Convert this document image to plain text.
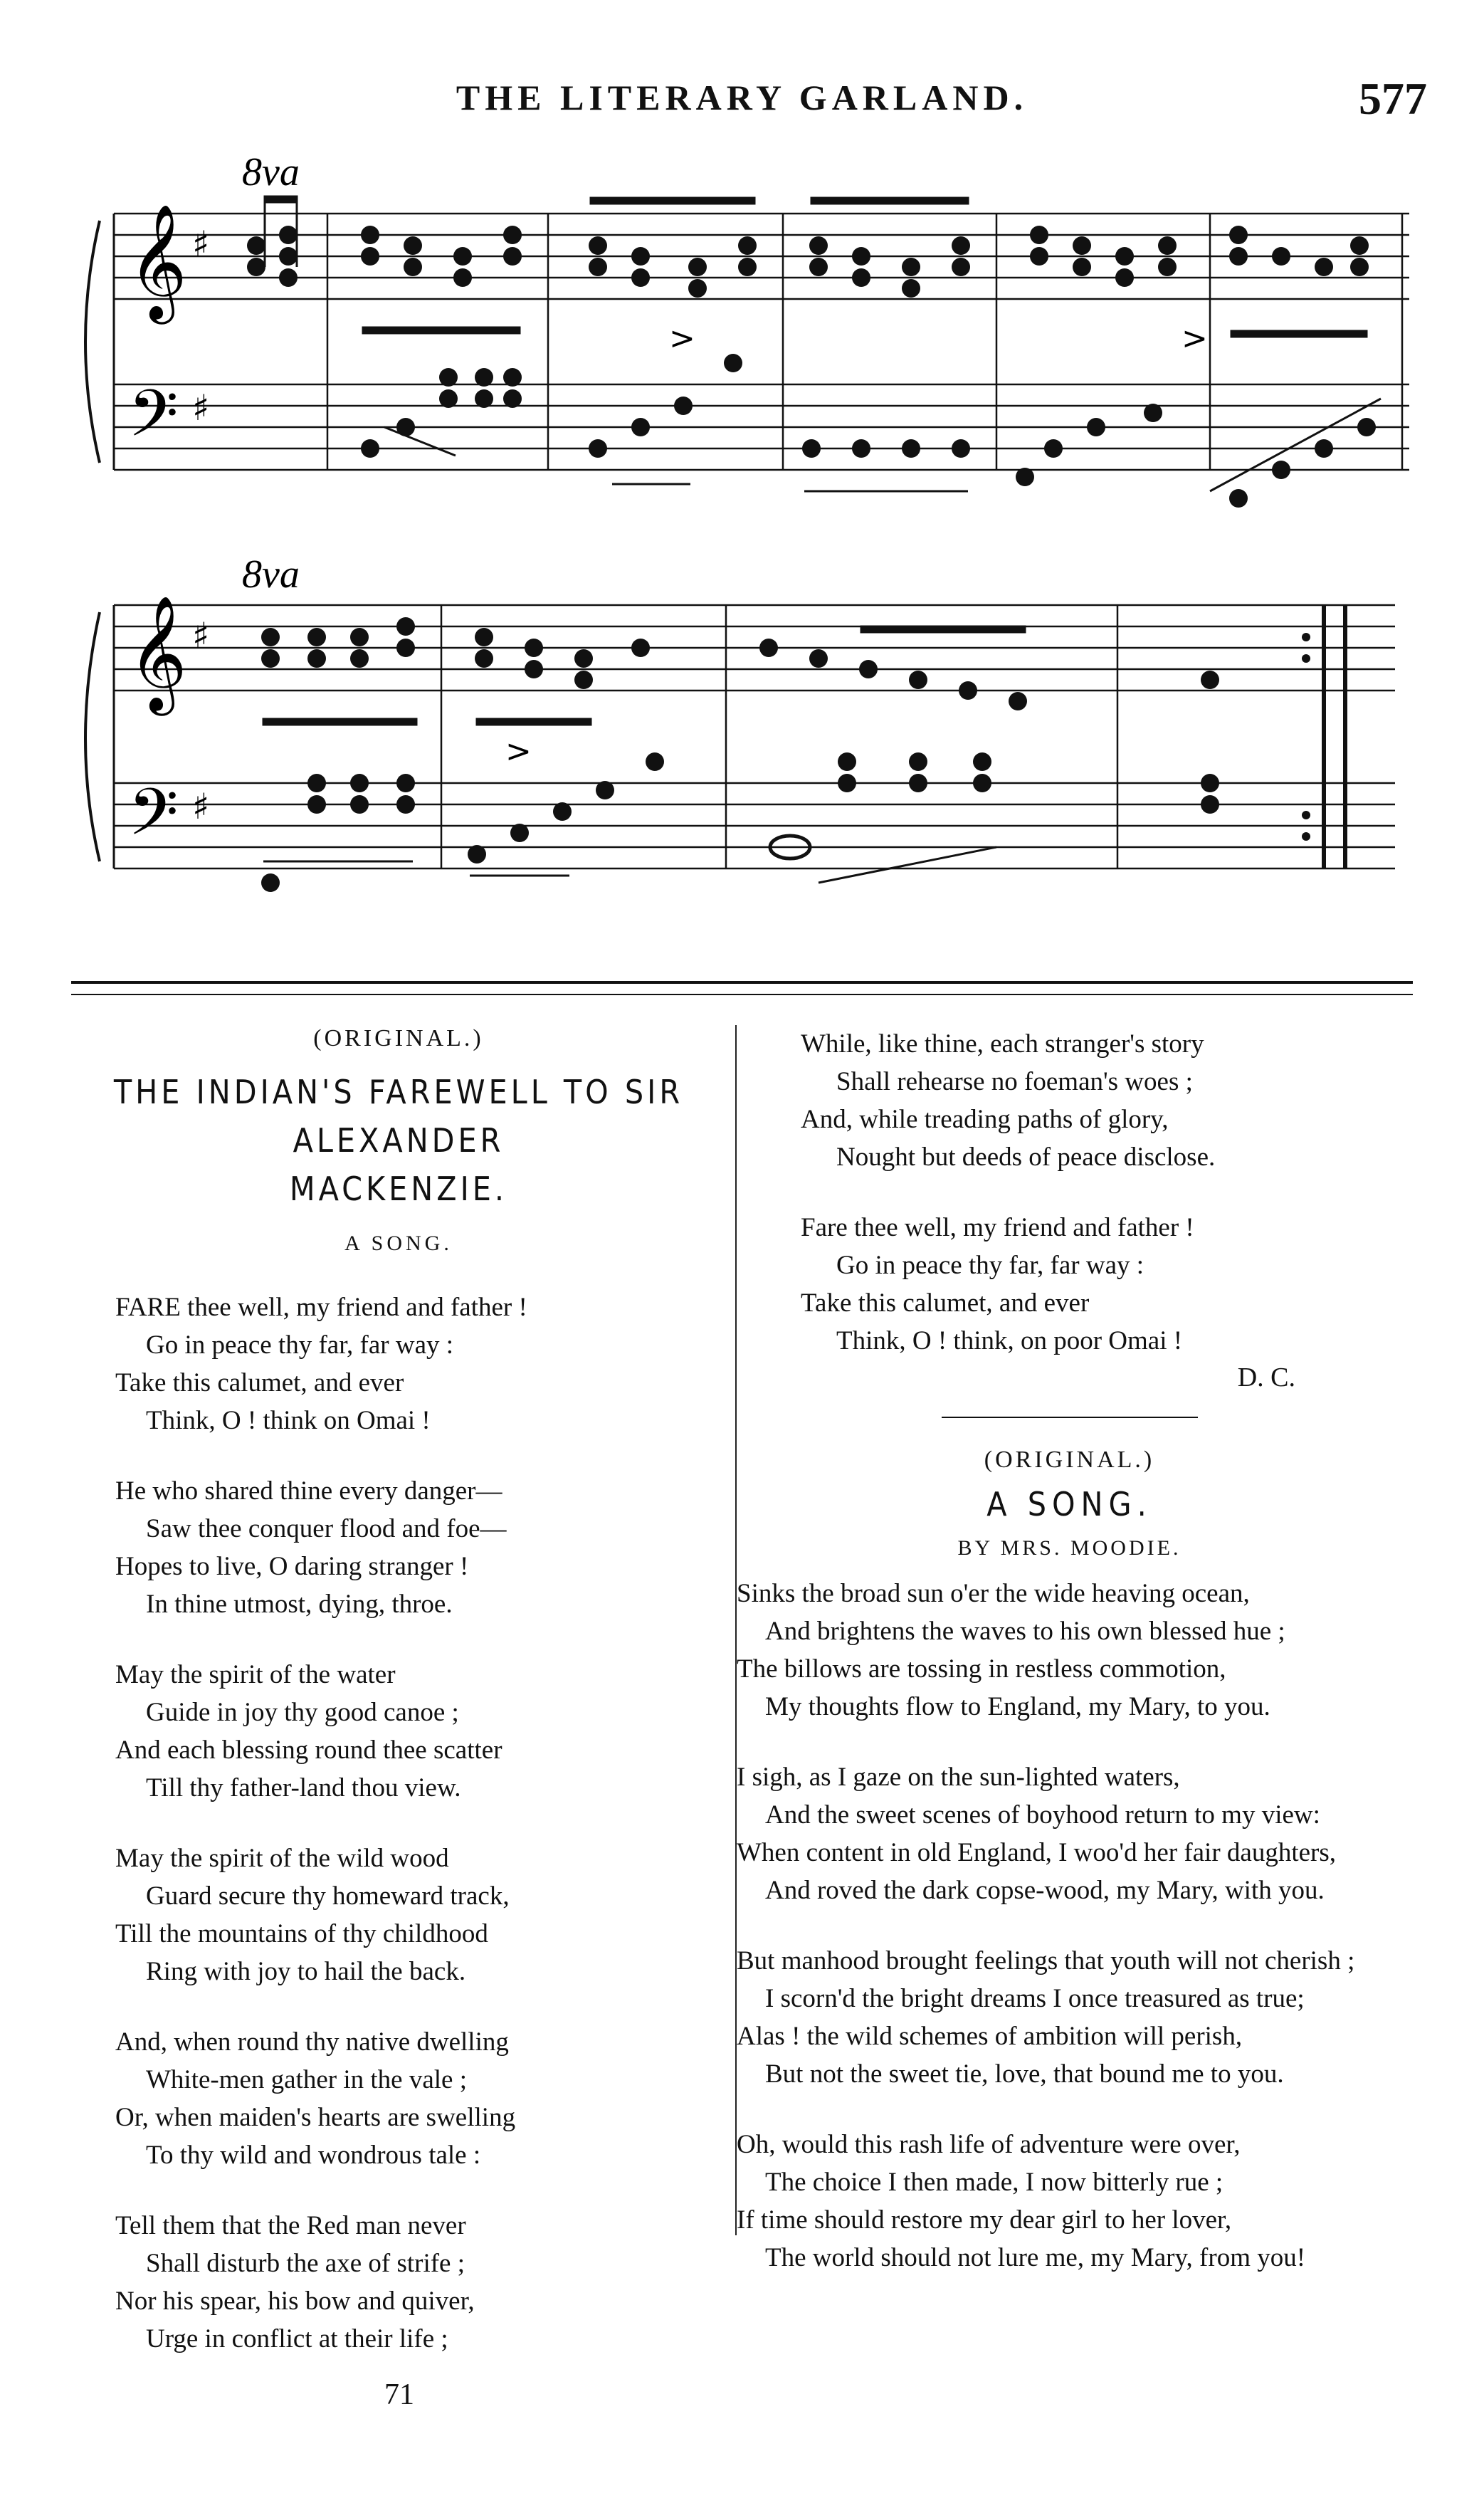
THE LITERARY GARLAND.	577
8va
𝄞
𝄢
♯
♯
>	>
8va
𝄞
𝄢
♯
♯
>
(ORIGINAL.)
THE INDIAN'S FAREWELL TO SIR ALEXANDER
MACKENZIE.
A SONG.
FARE thee well, my friend and father !
Go in peace thy far, far way :
Take this calumet, and ever
Think, O ! think on Omai !
He who shared thine every danger—
Saw thee conquer flood and foe—
Hopes to live, O daring stranger !
In thine utmost, dying, throe.
May the spirit of the water
Guide in joy thy good canoe ;
And each blessing round thee scatter
Till thy father-land thou view.
May the spirit of the wild wood
Guard secure thy homeward track,
Till the mountains of thy childhood
Ring with joy to hail the back.
And, when round thy native dwelling
White-men gather in the vale ;
Or, when maiden's hearts are swelling
To thy wild and wondrous tale :
Tell them that the Red man never
Shall disturb the axe of strife ;
Nor his spear, his bow and quiver,
Urge in conflict at their life ;
71
While, like thine, each stranger's story
Shall rehearse no foeman's woes ;
And, while treading paths of glory,
Nought but deeds of peace disclose.
Fare thee well, my friend and father !
Go in peace thy far, far way :
Take this calumet, and ever
Think, O ! think, on poor Omai !
D. C.
(ORIGINAL.)
A SONG.
BY MRS. MOODIE.
Sinks the broad sun o'er the wide heaving ocean,
And brightens the waves to his own blessed hue ;
The billows are tossing in restless commotion,
My thoughts flow to England, my Mary, to you.
I sigh, as I gaze on the sun-lighted waters,
And the sweet scenes of boyhood return to my view:
When content in old England, I woo'd her fair daughters,
And roved the dark copse-wood, my Mary, with you.
But manhood brought feelings that youth will not cherish ;
I scorn'd the bright dreams I once treasured as true;
Alas ! the wild schemes of ambition will perish,
But not the sweet tie, love, that bound me to you.
Oh, would this rash life of adventure were over,
The choice I then made, I now bitterly rue ;
If time should restore my dear girl to her lover,
The world should not lure me, my Mary, from you!
